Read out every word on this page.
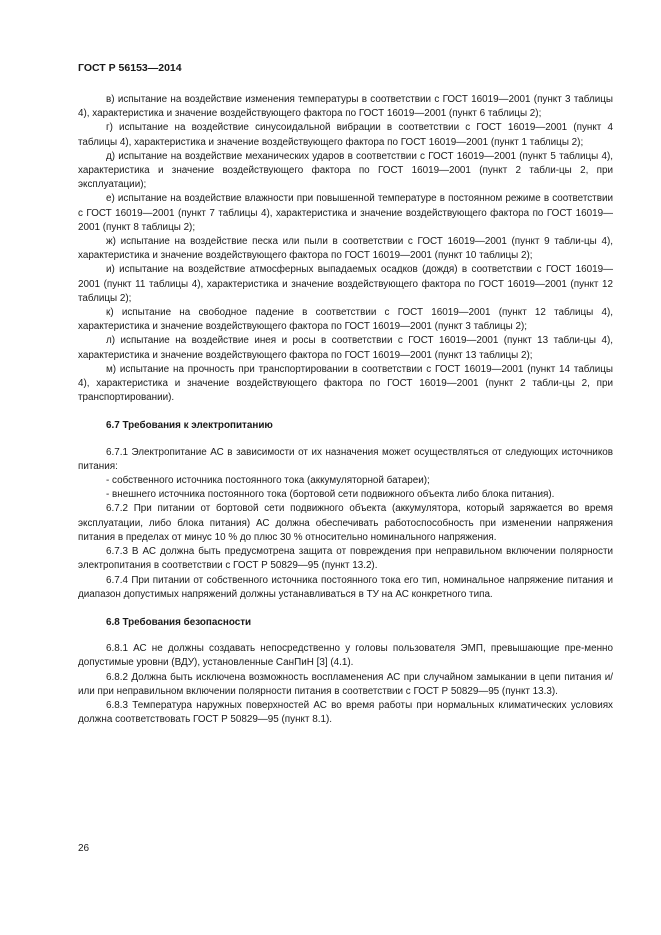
ГОСТ Р 56153—2014

в) испытание на воздействие изменения температуры в соответствии с ГОСТ 16019—2001 (пункт 3 таблицы 4), характеристика и значение воздействующего фактора по ГОСТ 16019—2001 (пункт 6 таблицы 2);

г) испытание на воздействие синусоидальной вибрации в соответствии с ГОСТ 16019—2001 (пункт 4 таблицы 4), характеристика и значение воздействующего фактора по ГОСТ 16019—2001 (пункт 1 таблицы 2);

д) испытание на воздействие механических ударов в соответствии с ГОСТ 16019—2001 (пункт 5 таблицы 4), характеристика и значение воздействующего фактора по ГОСТ 16019—2001 (пункт 2 табли-цы 2, при эксплуатации);

е) испытание на воздействие влажности при повышенной температуре в постоянном режиме в соответствии с ГОСТ 16019—2001 (пункт 7 таблицы 4), характеристика и значение воздействующего фактора по ГОСТ 16019—2001 (пункт 8 таблицы 2);

ж) испытание на воздействие песка или пыли в соответствии с ГОСТ 16019—2001 (пункт 9 табли-цы 4), характеристика и значение воздействующего фактора по ГОСТ 16019—2001 (пункт 10 таблицы 2);

и) испытание на воздействие атмосферных выпадаемых осадков (дождя) в соответствии с ГОСТ 16019—2001 (пункт 11 таблицы 4), характеристика и значение воздействующего фактора по ГОСТ 16019—2001 (пункт 12 таблицы 2);

к) испытание на свободное падение в соответствии с ГОСТ 16019—2001 (пункт 12 таблицы 4), характеристика и значение воздействующего фактора по ГОСТ 16019—2001 (пункт 3 таблицы 2);

л) испытание на воздействие инея и росы в соответствии с ГОСТ 16019—2001 (пункт 13 табли-цы 4), характеристика и значение воздействующего фактора по ГОСТ 16019—2001 (пункт 13 таблицы 2);

м) испытание на прочность при транспортировании в соответствии с ГОСТ 16019—2001 (пункт 14 таблицы 4), характеристика и значение воздействующего фактора по ГОСТ 16019—2001 (пункт 2 табли-цы 2, при транспортировании).

6.7 Требования к электропитанию

6.7.1 Электропитание АС в зависимости от их назначения может осуществляться от следующих источников питания:

- собственного источника постоянного тока (аккумуляторной батареи);

- внешнего источника постоянного тока (бортовой сети подвижного объекта либо блока питания).

6.7.2 При питании от бортовой сети подвижного объекта (аккумулятора, который заряжается во время эксплуатации, либо блока питания) АС должна обеспечивать работоспособность при изменении напряжения питания в пределах от минус 10 % до плюс 30 % относительно номинального напряжения.

6.7.3 В АС должна быть предусмотрена защита от повреждения при неправильном включении полярности электропитания в соответствии с ГОСТ Р 50829—95 (пункт 13.2).

6.7.4 При питании от собственного источника постоянного тока его тип, номинальное напряжение питания и диапазон допустимых напряжений должны устанавливаться в ТУ на АС конкретного типа.

6.8 Требования безопасности

6.8.1 АС не должны создавать непосредственно у головы пользователя ЭМП, превышающие пре-менно допустимые уровни (ВДУ), установленные СанПиН [3] (4.1).

6.8.2 Должна быть исключена возможность воспламенения АС при случайном замыкании в цепи питания и/или при неправильном включении полярности питания в соответствии с ГОСТ Р 50829—95 (пункт 13.3).

6.8.3 Температура наружных поверхностей АС во время работы при нормальных климатических условиях должна соответствовать ГОСТ Р 50829—95 (пункт 8.1).

26
